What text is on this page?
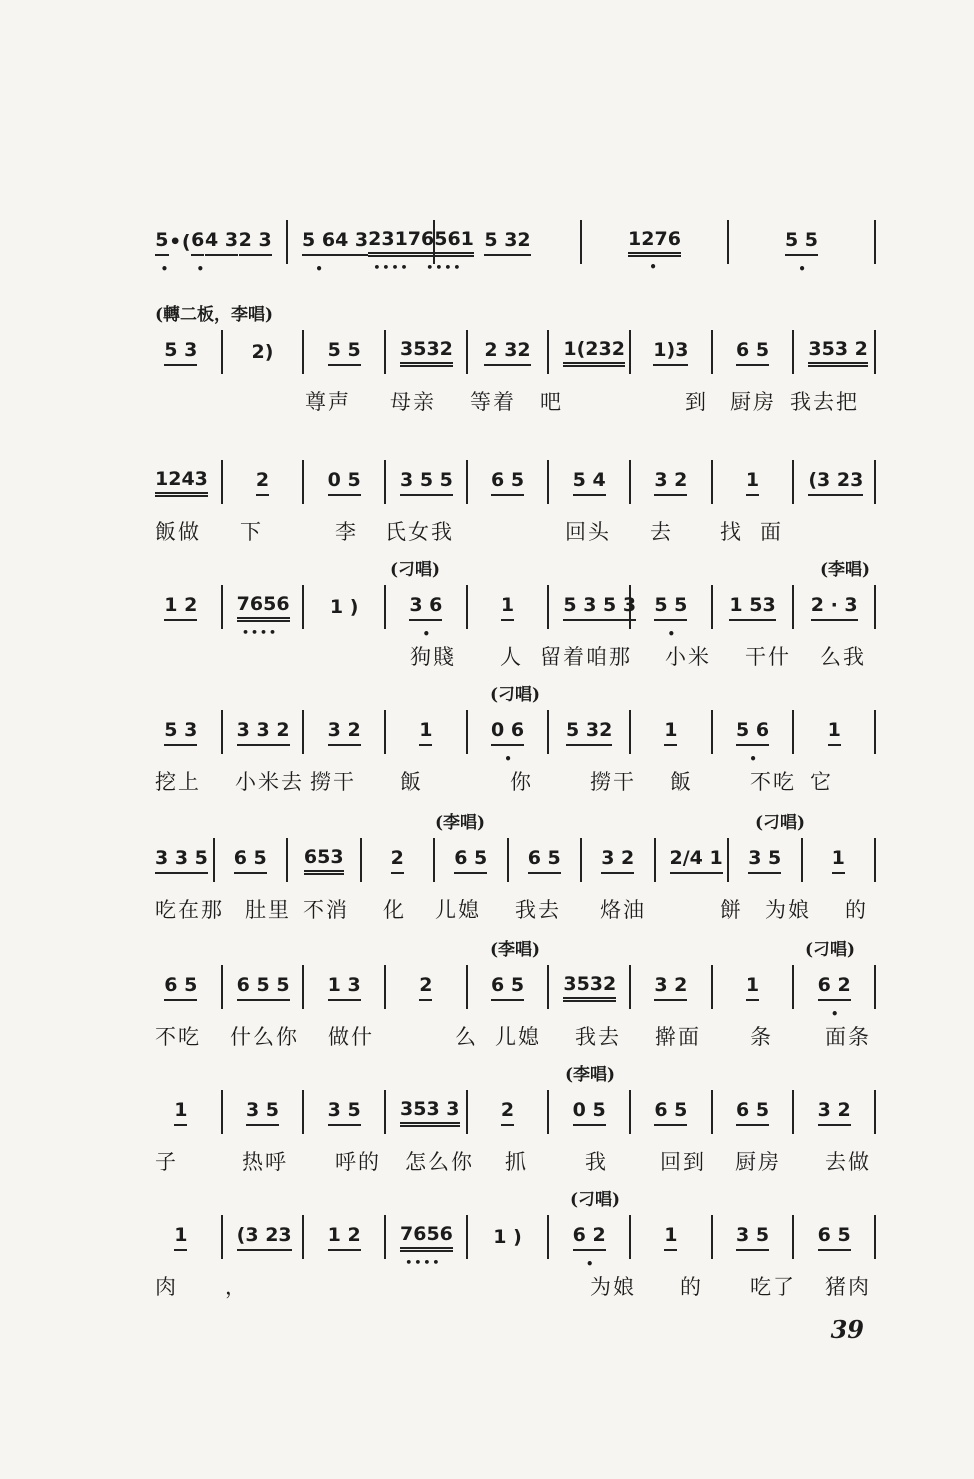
5 • • ( 6 • 4 3 2 3 5 6 • 4 3 2317 •••• 6561 •••• 5 32	1276 •	5 5 •
(轉二板，李唱)
5 3	2)	5 5 3532 2 32 1(232 1)3	6 5 353 2
尊声 母亲 等着 吧	到 厨房 我去把
1243	2	0 5 3 5 5 6 5	5 4	3 2	1	(3 23
飯做 下	李 氏女我	回头 去 找 面
(刁唱)	(李唱)
1 2 7656 •••• 1 )	3 6 •	1	5 3 5 3 5 5 • 1 53 2 · 3
狗賤 人 留着咱那 小米 干什 么我
(刁唱)
5 3 3 3 2 3 2	1	0 6 • 5 32	1	5 6 •	1
挖上 小米去 撈干 飯	你	撈干 飯	不吃 它
(李唱)	(刁唱)
3 3 5 6 5 653 2	6 5 6 5 3 2 2/4 1 3 5	1
吃在那 肚里 不消 化 儿媳 我去 烙油	餅 为娘 的
(李唱)	(刁唱)
6 5 6 5 5 1 3	2	6 5 3532 3 2	1	6 2 •
不吃 什么你 做什	么 儿媳 我去 擀面 条 面条
(李唱)
1	3 5	3 5 353 3 2	0 5	6 5	6 5	3 2
子	热呼 呼的 怎么你 抓	我 回到 厨房 去做
(刁唱)
1	(3 23 1 2 7656 •••• 1 )	6 2 •	1	3 5	6 5
肉 ，	为娘 的 吃了 猪肉
39
